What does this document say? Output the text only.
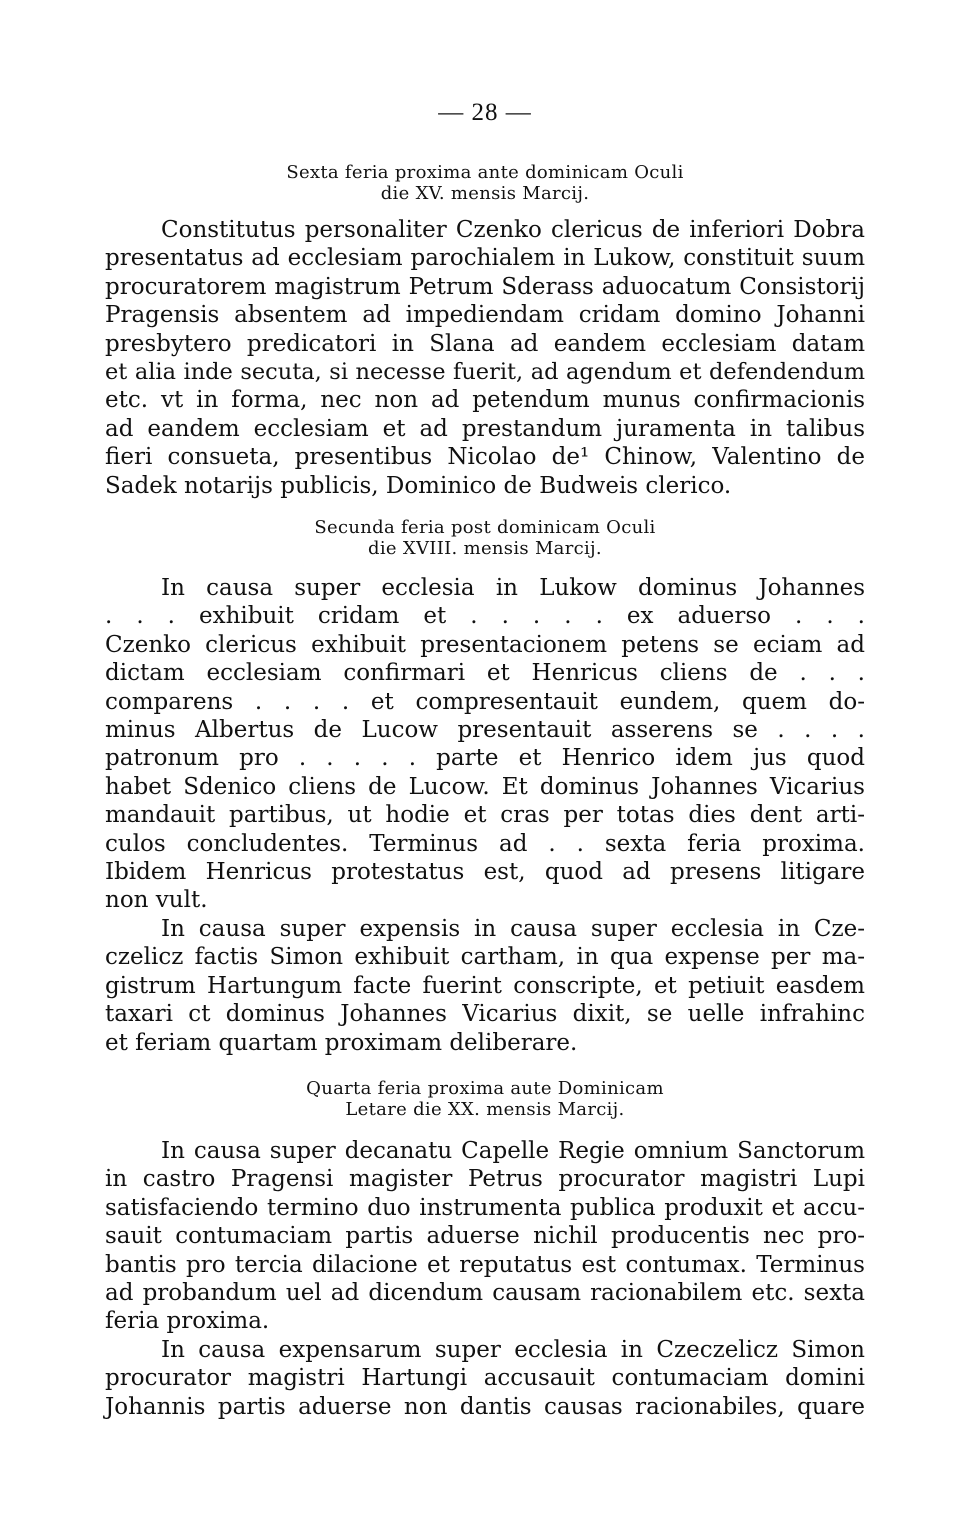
— 28 —
Sexta feria proxima ante dominicam Oculi
die XV. mensis Marcij.
Constitutus personaliter Czenko clericus de inferiori Dobra
presentatus ad ecclesiam parochialem in Lukow, constituit suum
procuratorem magistrum Petrum Sderass aduocatum Consistorij
Pragensis absentem ad impediendam cridam domino Johanni
presbytero predicatori in Slana ad eandem ecclesiam datam
et alia inde secuta, si necesse fuerit, ad agendum et defendendum
etc. vt in forma, nec non ad petendum munus confirmacionis
ad eandem ecclesiam et ad prestandum juramenta in talibus
fieri consueta, presentibus Nicolao de¹ Chinow, Valentino de
Sadek notarijs publicis, Dominico de Budweis clerico.
Secunda feria post dominicam Oculi
die XVIII. mensis Marcij.
In causa super ecclesia in Lukow dominus Johannes
. . . exhibuit cridam et . . . . . ex aduerso . . .
Czenko clericus exhibuit presentacionem petens se eciam ad
dictam ecclesiam confirmari et Henricus cliens de . . .
comparens . . . . et compresentauit eundem, quem do-
minus Albertus de Lucow presentauit asserens se . . . .
patronum pro . . . . . parte et Henrico idem jus quod
habet Sdenico cliens de Lucow. Et dominus Johannes Vicarius
mandauit partibus, ut hodie et cras per totas dies dent arti-
culos concludentes. Terminus ad . . sexta feria proxima.
Ibidem Henricus protestatus est, quod ad presens litigare
non vult.
In causa super expensis in causa super ecclesia in Cze-
czelicz factis Simon exhibuit cartham, in qua expense per ma-
gistrum Hartungum facte fuerint conscripte, et petiuit easdem
taxari ct dominus Johannes Vicarius dixit, se uelle infrahinc
et feriam quartam proximam deliberare.
Quarta feria proxima aute Dominicam
Letare die XX. mensis Marcij.
In causa super decanatu Capelle Regie omnium Sanctorum
in castro Pragensi magister Petrus procurator magistri Lupi
satisfaciendo termino duo instrumenta publica produxit et accu-
sauit contumaciam partis aduerse nichil producentis nec pro-
bantis pro tercia dilacione et reputatus est contumax. Terminus
ad probandum uel ad dicendum causam racionabilem etc. sexta
feria proxima.
In causa expensarum super ecclesia in Czeczelicz Simon
procurator magistri Hartungi accusauit contumaciam domini
Johannis partis aduerse non dantis causas racionabiles, quare
